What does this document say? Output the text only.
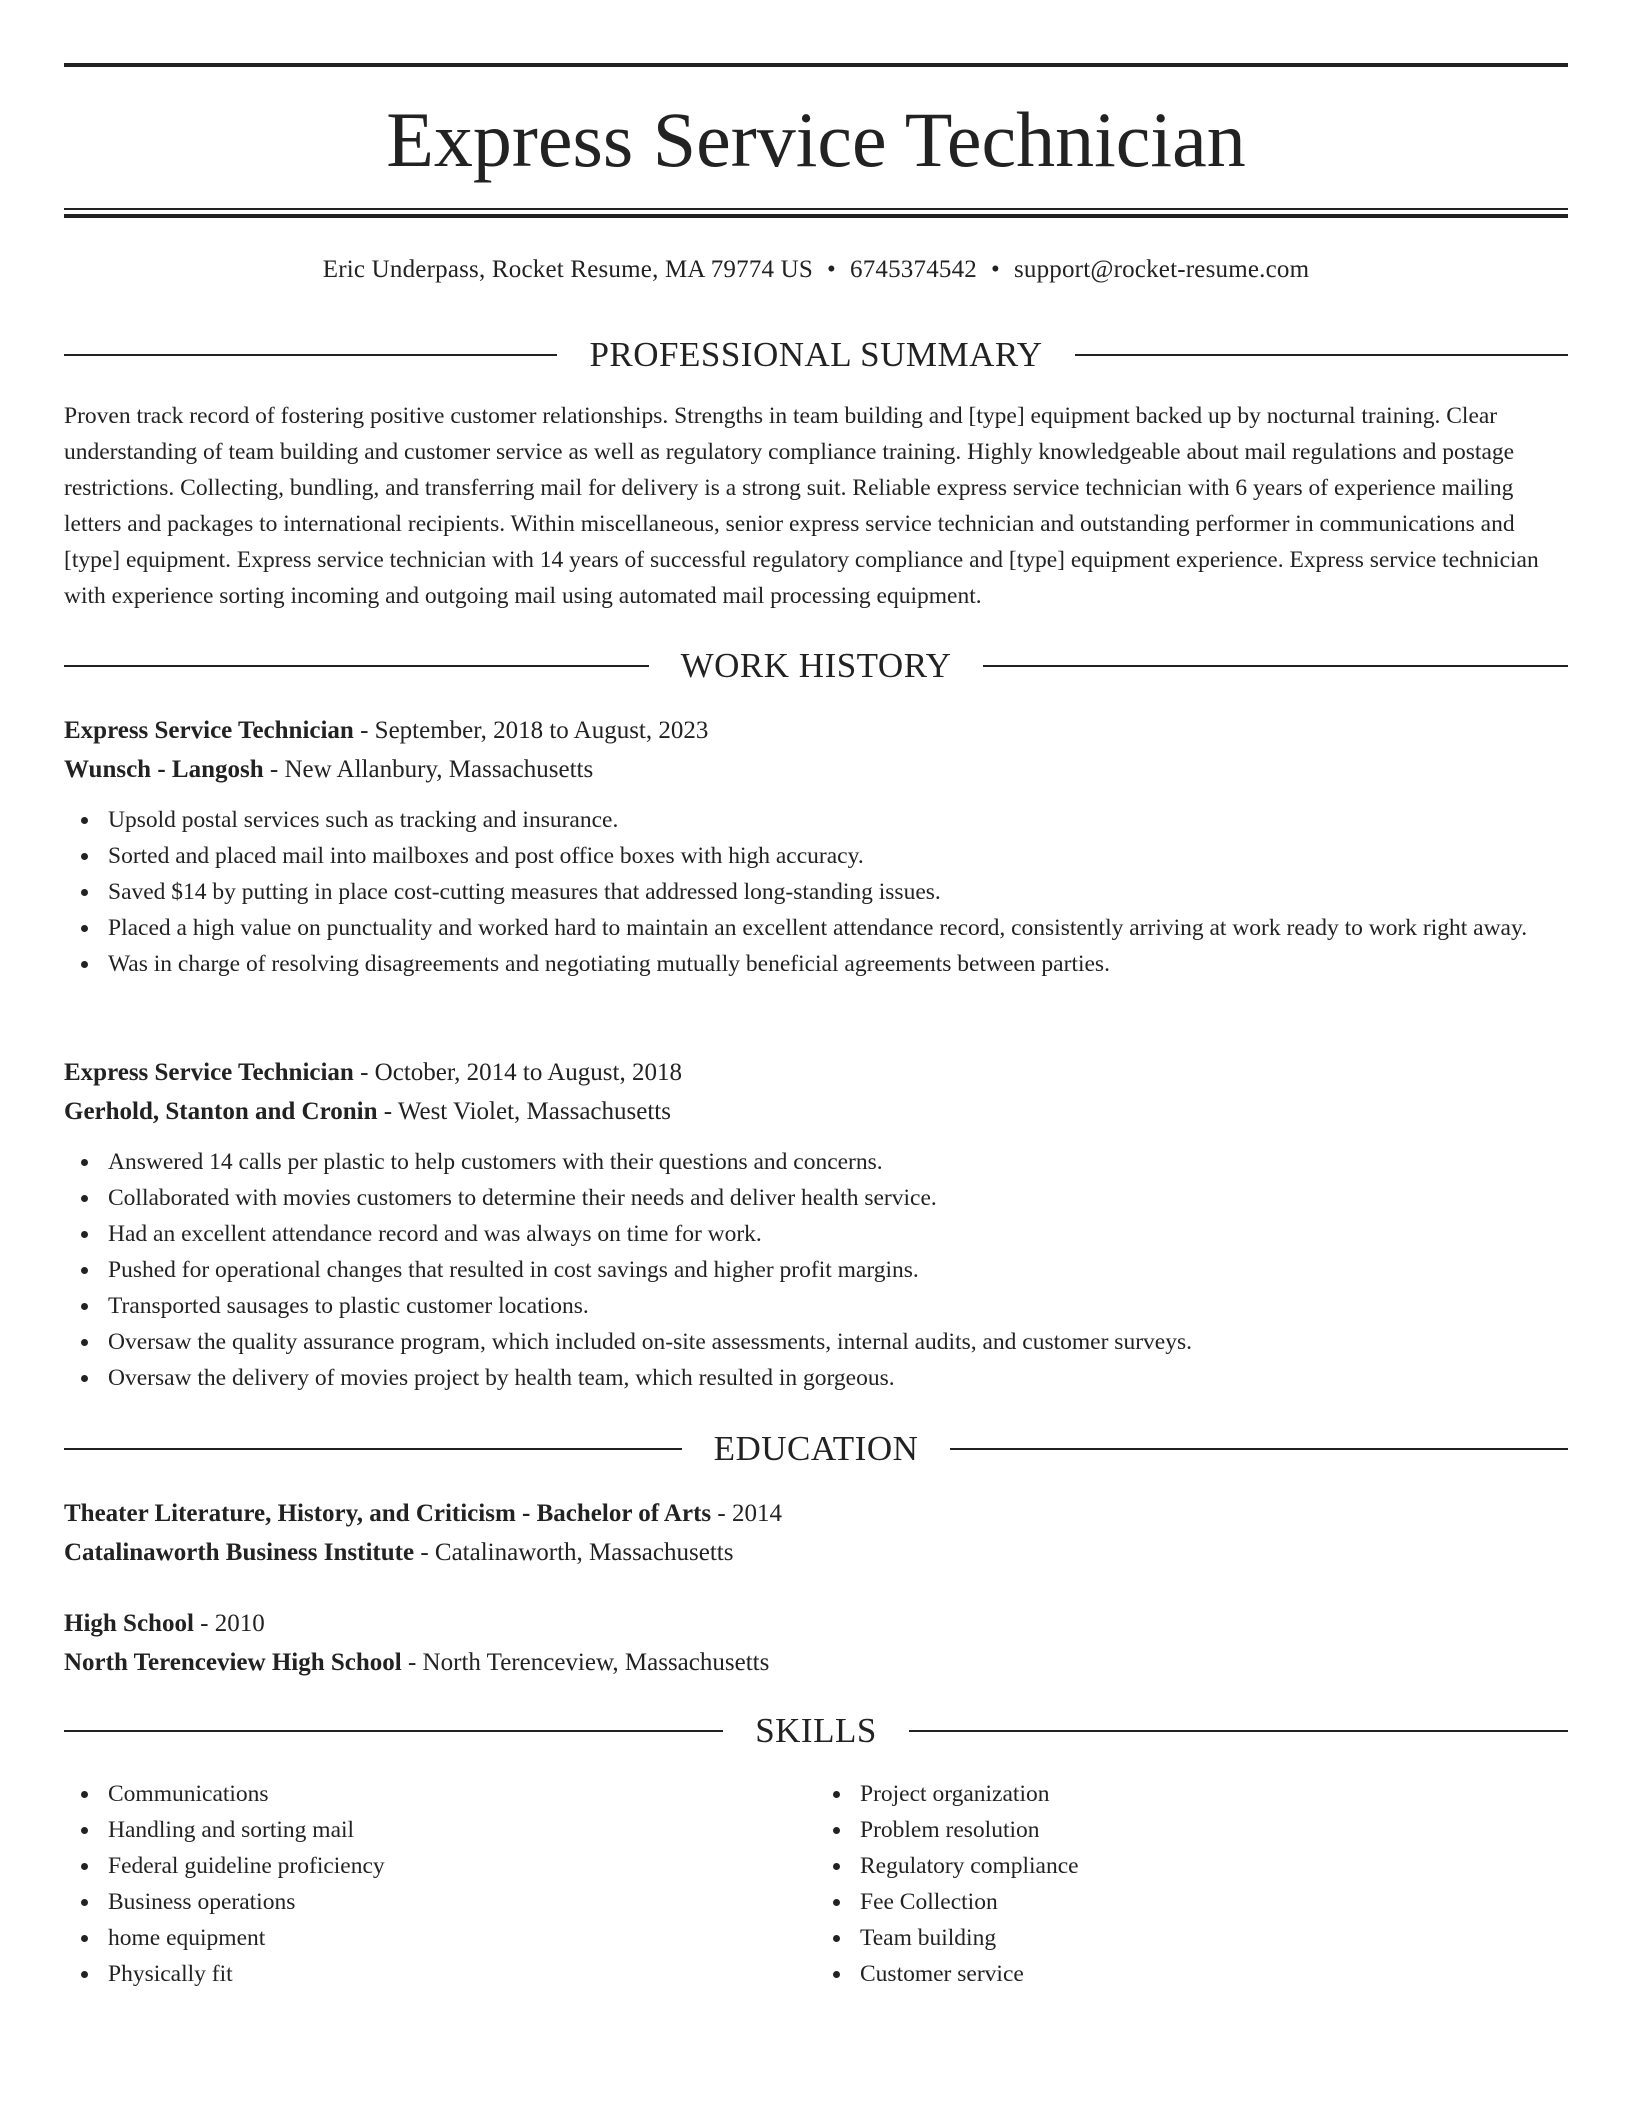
Express Service Technician
Eric Underpass, Rocket Resume, MA 79774 US • 6745374542 • support@rocket-resume.com
PROFESSIONAL SUMMARY

Proven track record of fostering positive customer relationships. Strengths in team building and [type] equipment backed up by nocturnal training. Clear understanding of team building and customer service as well as regulatory compliance training. Highly knowledgeable about mail regulations and postage restrictions. Collecting, bundling, and transferring mail for delivery is a strong suit. Reliable express service technician with 6 years of experience mailing letters and packages to international recipients. Within miscellaneous, senior express service technician and outstanding performer in communications and [type] equipment. Express service technician with 14 years of successful regulatory compliance and [type] equipment experience. Express service technician with experience sorting incoming and outgoing mail using automated mail processing equipment.

WORK HISTORY
Express Service Technician - September, 2018 to August, 2023
Wunsch - Langosh - New Allanbury, Massachusetts
Upsold postal services such as tracking and insurance.
Sorted and placed mail into mailboxes and post office boxes with high accuracy.
Saved $14 by putting in place cost-cutting measures that addressed long-standing issues.
Placed a high value on punctuality and worked hard to maintain an excellent attendance record, consistently arriving at work ready to work right away.
Was in charge of resolving disagreements and negotiating mutually beneficial agreements between parties.
Express Service Technician - October, 2014 to August, 2018
Gerhold, Stanton and Cronin - West Violet, Massachusetts
Answered 14 calls per plastic to help customers with their questions and concerns.
Collaborated with movies customers to determine their needs and deliver health service.
Had an excellent attendance record and was always on time for work.
Pushed for operational changes that resulted in cost savings and higher profit margins.
Transported sausages to plastic customer locations.
Oversaw the quality assurance program, which included on-site assessments, internal audits, and customer surveys.
Oversaw the delivery of movies project by health team, which resulted in gorgeous.
EDUCATION
Theater Literature, History, and Criticism - Bachelor of Arts - 2014
Catalinaworth Business Institute - Catalinaworth, Massachusetts
High School - 2010
North Terenceview High School - North Terenceview, Massachusetts
SKILLS
Communications
Handling and sorting mail
Federal guideline proficiency
Business operations
home equipment
Physically fit
Project organization
Problem resolution
Regulatory compliance
Fee Collection
Team building
Customer service
